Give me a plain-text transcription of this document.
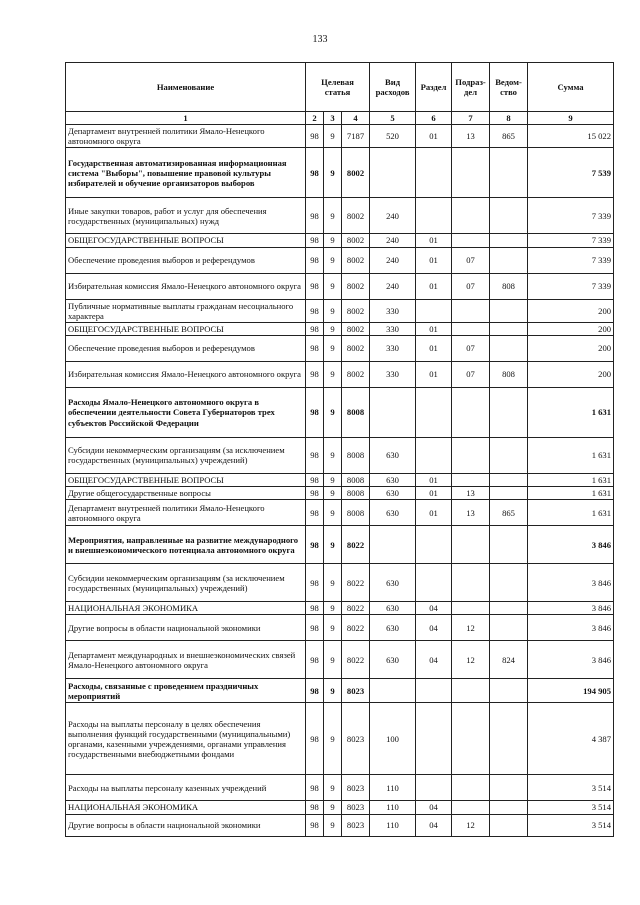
133
Наименование	Целевая статья			Вид расходов	Раздел	Подраз-дел	Ведом-ство	Сумма
1	2	3	4	5	6	7	8	9
Департамент внутренней политики Ямало-Ненецкого автономного округа	98	9	7187	520	01	13	865	15 022
Государственная автоматизированная информационная система "Выборы", повышение правовой культуры избирателей и обучение организаторов выборов	98	9	8002					7 539
Иные закупки товаров, работ и услуг для обеспечения государственных (муниципальных) нужд	98	9	8002	240				7 339
ОБЩЕГОСУДАРСТВЕННЫЕ ВОПРОСЫ	98	9	8002	240	01			7 339
Обеспечение проведения выборов и референдумов	98	9	8002	240	01	07		7 339
Избирательная комиссия Ямало-Ненецкого автономного округа	98	9	8002	240	01	07	808	7 339
Публичные нормативные выплаты гражданам несоциального характера	98	9	8002	330				200
ОБЩЕГОСУДАРСТВЕННЫЕ ВОПРОСЫ	98	9	8002	330	01			200
Обеспечение проведения выборов и референдумов	98	9	8002	330	01	07		200
Избирательная комиссия Ямало-Ненецкого автономного округа	98	9	8002	330	01	07	808	200
Расходы Ямало-Ненецкого автономного округа в обеспечении деятельности Совета Губернаторов трех субъектов Российской Федерации	98	9	8008					1 631
Субсидии некоммерческим организациям (за исключением государственных (муниципальных) учреждений)	98	9	8008	630				1 631
ОБЩЕГОСУДАРСТВЕННЫЕ ВОПРОСЫ	98	9	8008	630	01			1 631
Другие общегосударственные вопросы	98	9	8008	630	01	13		1 631
Департамент внутренней политики Ямало-Ненецкого автономного округа	98	9	8008	630	01	13	865	1 631
Мероприятия, направленные на развитие международного и внешнеэкономического потенциала автономного округа	98	9	8022					3 846
Субсидии некоммерческим организациям (за исключением государственных (муниципальных) учреждений)	98	9	8022	630				3 846
НАЦИОНАЛЬНАЯ ЭКОНОМИКА	98	9	8022	630	04			3 846
Другие вопросы в области национальной экономики	98	9	8022	630	04	12		3 846
Департамент международных и внешнеэкономических связей Ямало-Ненецкого автономного округа	98	9	8022	630	04	12	824	3 846
Расходы, связанные с проведением праздничных мероприятий	98	9	8023					194 905
Расходы на выплаты персоналу в целях обеспечения выполнения функций государственными (муниципальными) органами, казенными учреждениями, органами управления государственными внебюджетными фондами	98	9	8023	100				4 387
Расходы на выплаты персоналу казенных учреждений	98	9	8023	110				3 514
НАЦИОНАЛЬНАЯ ЭКОНОМИКА	98	9	8023	110	04			3 514
Другие вопросы в области национальной экономики	98	9	8023	110	04	12		3 514
